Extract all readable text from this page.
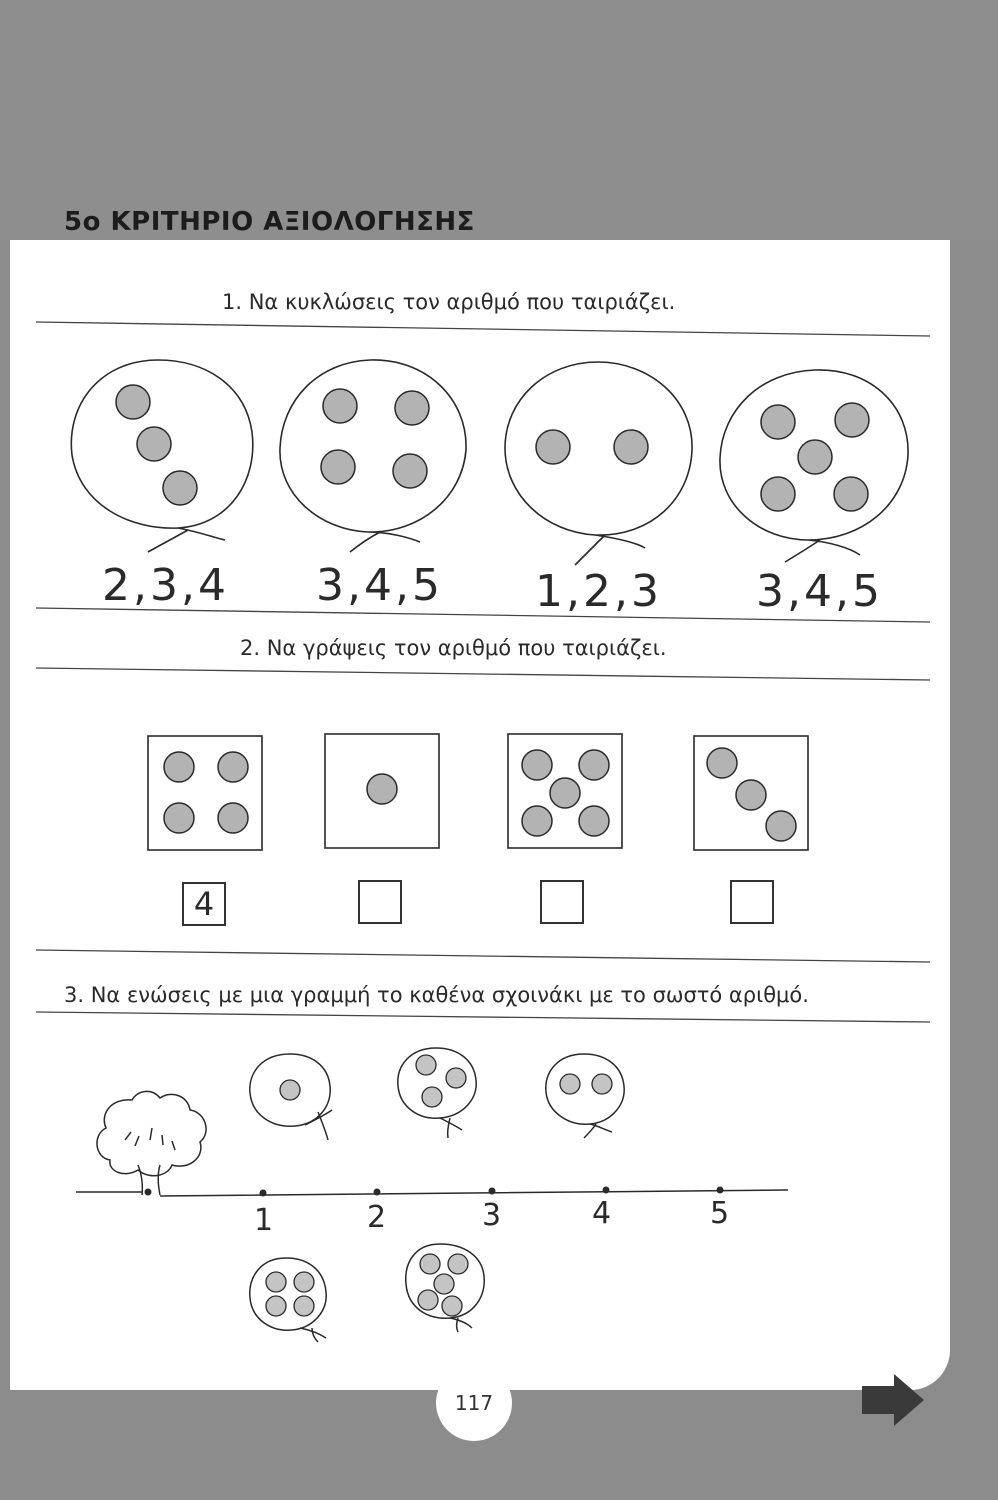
5ο ΚΡΙΤΗΡΙΟ ΑΞΙΟΛΟΓΗΣΗΣ
1. Να κυκλώσεις τον αριθμό που ταιριάζει.
2,3,4 3,4,5 1,2,3 3,4,5
2. Να γράψεις τον αριθμό που ταιριάζει.
4
3. Να ενώσεις με μια γραμμή το καθένα σχοινάκι με το σωστό αριθμό.
1	2	3	4	5
117
